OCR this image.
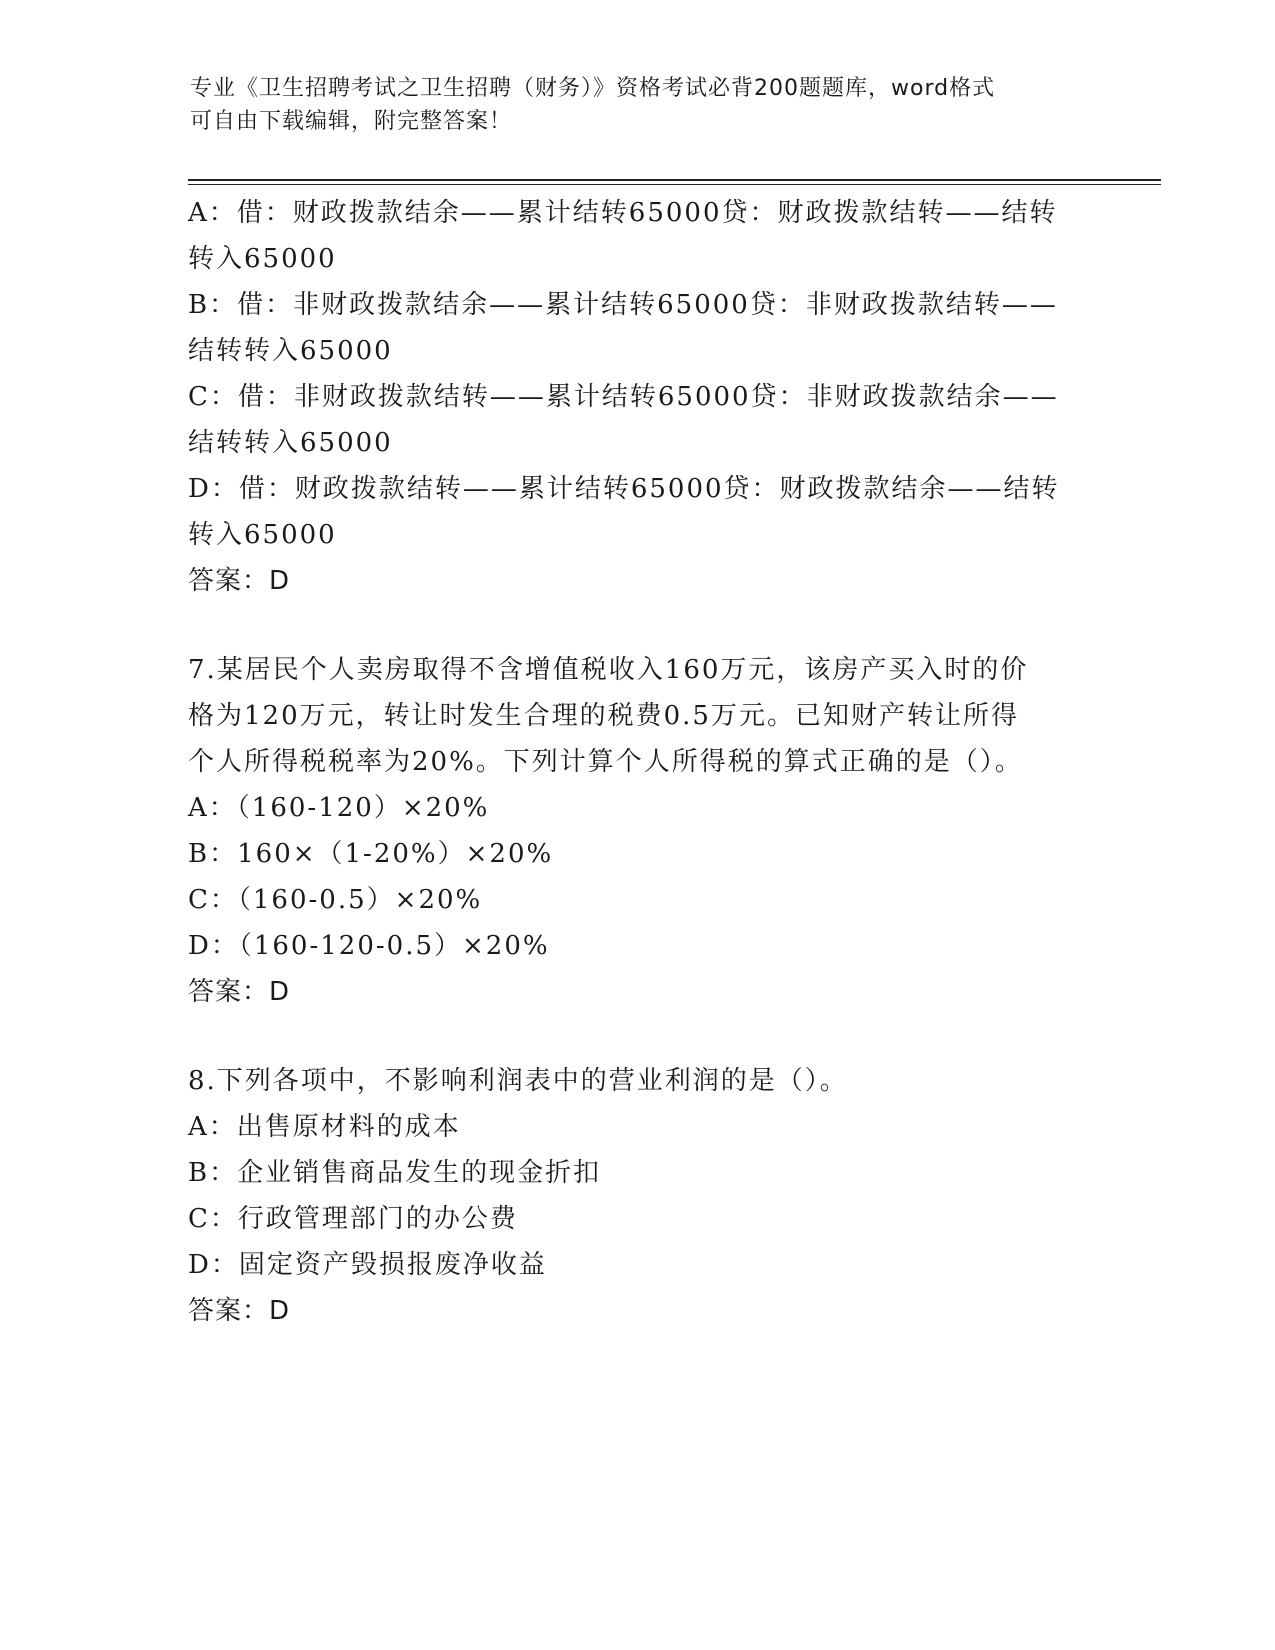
专业《卫生招聘考试之卫生招聘（财务）》资格考试必背200题题库，word格式
可自由下载编辑，附完整答案！
A：借：财政拨款结余——累计结转65000贷：财政拨款结转——结转
转入65000
B：借：非财政拨款结余——累计结转65000贷：非财政拨款结转——
结转转入65000
C：借：非财政拨款结转——累计结转65000贷：非财政拨款结余——
结转转入65000
D：借：财政拨款结转——累计结转65000贷：财政拨款结余——结转
转入65000
答案：D
7.某居民个人卖房取得不含增值税收入160万元，该房产买入时的价
格为120万元，转让时发生合理的税费0.5万元。已知财产转让所得
个人所得税税率为20%。下列计算个人所得税的算式正确的是（）。
A：（160-120）×20%
B：160×（1-20%）×20%
C：（160-0.5）×20%
D：（160-120-0.5）×20%
答案：D
8.下列各项中，不影响利润表中的营业利润的是（）。
A：出售原材料的成本
B：企业销售商品发生的现金折扣
C：行政管理部门的办公费
D：固定资产毁损报废净收益
答案：D
